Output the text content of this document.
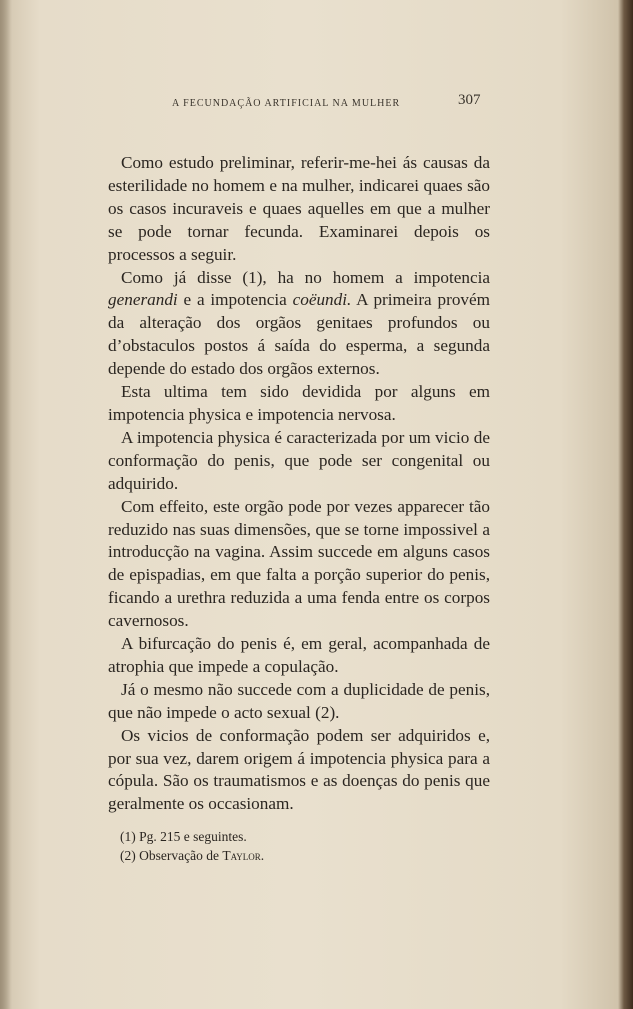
A FECUNDAÇÃO ARTIFICIAL NA MULHER	307

Como estudo preliminar, referir-me-hei ás causas da esterilidade no homem e na mulher, indicarei quaes são os casos incuraveis e quaes aquelles em que a mulher se pode tornar fecunda. Examinarei depois os processos a seguir.

Como já disse (1), ha no homem a impotencia generandi e a impotencia coëundi. A primeira provém da alteração dos orgãos genitaes profundos ou d’obstaculos postos á saída do esperma, a segunda depende do estado dos orgãos externos.

Esta ultima tem sido devidida por alguns em impotencia physica e impotencia nervosa.

A impotencia physica é caracterizada por um vicio de conformação do penis, que pode ser congenital ou adquirido.

Com effeito, este orgão pode por vezes apparecer tão reduzido nas suas dimensões, que se torne impossivel a introducção na vagina. Assim succede em alguns casos de epispadias, em que falta a porção superior do penis, ficando a urethra reduzida a uma fenda entre os corpos cavernosos.

A bifurcação do penis é, em geral, acompanhada de atrophia que impede a copulação.

Já o mesmo não succede com a duplicidade de penis, que não impede o acto sexual (2).

Os vicios de conformação podem ser adquiridos e, por sua vez, darem origem á impotencia physica para a cópula. São os traumatismos e as doenças do penis que geralmente os occasionam.

(1) Pg. 215 e seguintes.
(2) Observação de Taylor.
